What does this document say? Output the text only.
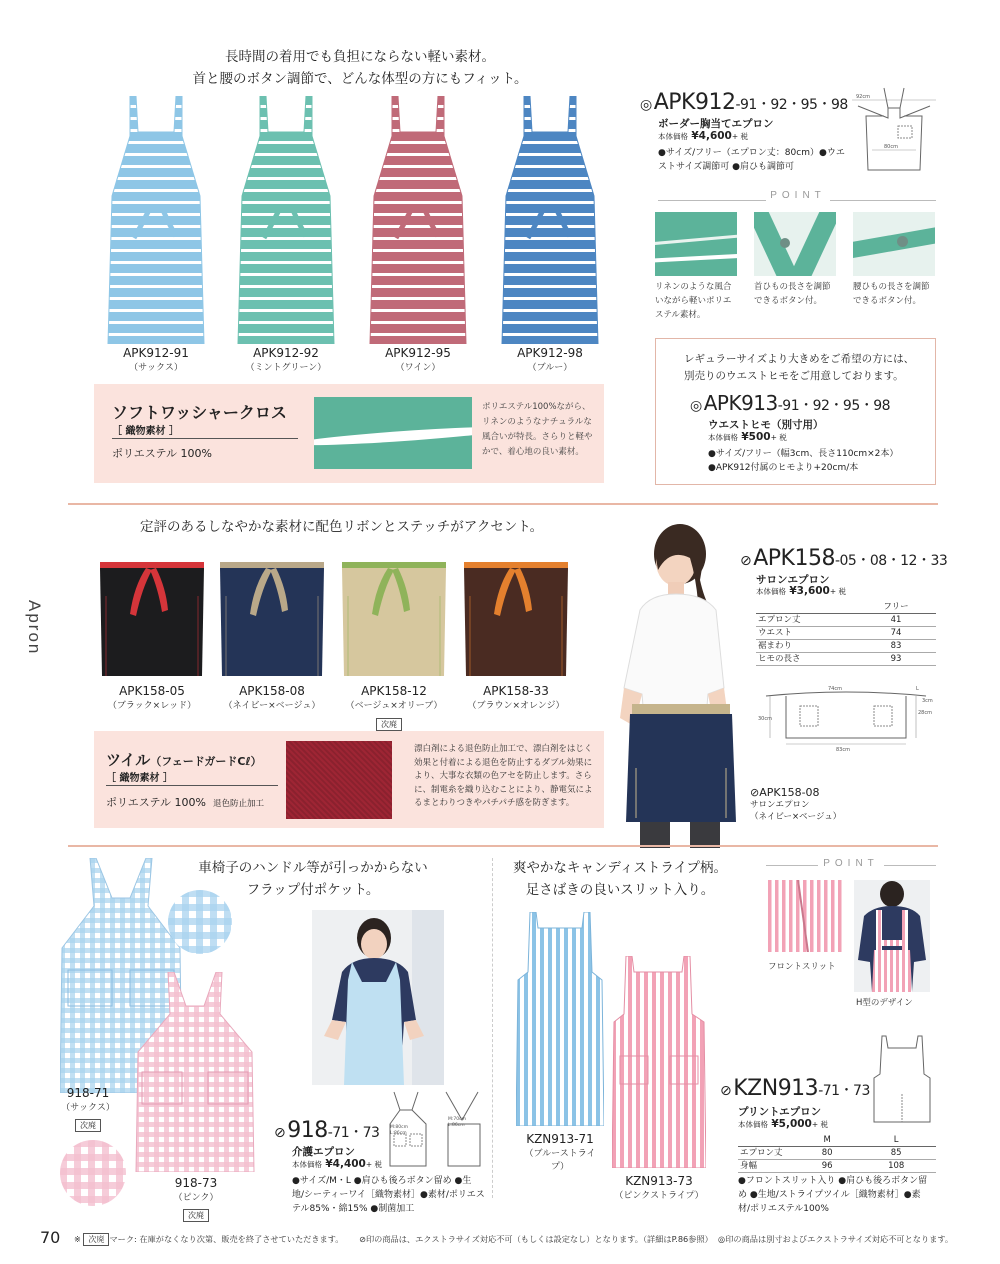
長時間の着用でも負担にならない軽い素材。
首と腰のボタン調節で、どんな体型の方にもフィット。
APK912-91
（サックス）
APK912-92
（ミントグリーン）
APK912-95
（ワイン）
APK912-98
（ブルー）
ソフトワッシャークロス
［ 織物素材 ］
ポリエステル 100%
ポリエステル100%ながら、リネンのようなナチュラルな風合いが特長。さらりと軽やかで、着心地の良い素材。
◎APK912-91・92・95・98
ボーダー胸当てエプロン
本体価格 ¥4,600+ 税
●サイズ/フリー（エプロン丈：80cm）●ウエ
ストサイズ調節可 ●肩ひも調節可
92cm
80cm
POINT
リネンのような風合いながら軽いポリエステル素材。
首ひもの長さを調節できるボタン付。
腰ひもの長さを調節できるボタン付。
レギュラーサイズより大きめをご希望の方には、
別売りのウエストヒモをご用意しております。
◎ APK913-91・92・95・98
ウエストヒモ（別寸用）
本体価格 ¥500+ 税
●サイズ/フリー（幅3cm、長さ110cm×2本）
●APK912付属のヒモより+20cm/本
定評のあるしなやかな素材に配色リボンとステッチがアクセント。
Apron
APK158-05
（ブラック×レッド）
APK158-08
（ネイビー×ベージュ）
APK158-12
（ベージュ×オリーブ）
APK158-33
（ブラウン×オレンジ）
次廃
ツイル（フェードガードCℓ）
［ 織物素材 ］
ポリエステル 100% 退色防止加工
漂白剤による退色防止加工で、漂白剤をはじく効果と付着による退色を防止するダブル効果により、大事な衣類の色アセを防止します。さらに、制電糸を織り込むことにより、静電気によるまとわりつきやパチパチ感を防ぎます。
⊘APK158-08
サロンエプロン
（ネイビー×ベージュ）
⊘APK158-05・08・12・33
サロンエプロン
本体価格 ¥3,600+ 税
	フリー
エプロン丈	41
ウエスト	74
裾まわり	83
ヒモの長さ	93
74cm
83cm
30cm
28cm
L
3cm
車椅子のハンドル等が引っかからない
フラップ付ポケット。
918-71
（サックス）
次廃
918-73
（ピンク）
次廃
M:80cm
L:86cm
M:70cm
L:86cm
⊘918-71・73
介護エプロン
本体価格 ¥4,400+ 税
●サイズ/M・L ●肩ひも後ろボタン留め ●生
地/シーティーワイ［織物素材］●素材/ポリエス
テル85%・綿15% ●制菌加工
爽やかなキャンディストライプ柄。
足さばきの良いスリット入り。
KZN913-71
（ブルーストライプ）
KZN913-73
（ピンクストライプ）
POINT
フロントスリット
H型のデザイン
⊘KZN913-71・73
プリントエプロン
本体価格 ¥5,000+ 税
	M	L
エプロン丈	80	85
身幅	96	108
●フロントスリット入り ●肩ひも後ろボタン留
め ●生地/ストライプツイル［織物素材］●素
材/ポリエステル100%
70 ※ 次廃 マーク: 在庫がなくなり次第、販売を終了させていただきます。 ⊘印の商品は、エクストラサイズ対応不可（もしくは設定なし）となります。（詳細はP.86参照） ◎印の商品は別寸およびエクストラサイズ対応不可となります。
